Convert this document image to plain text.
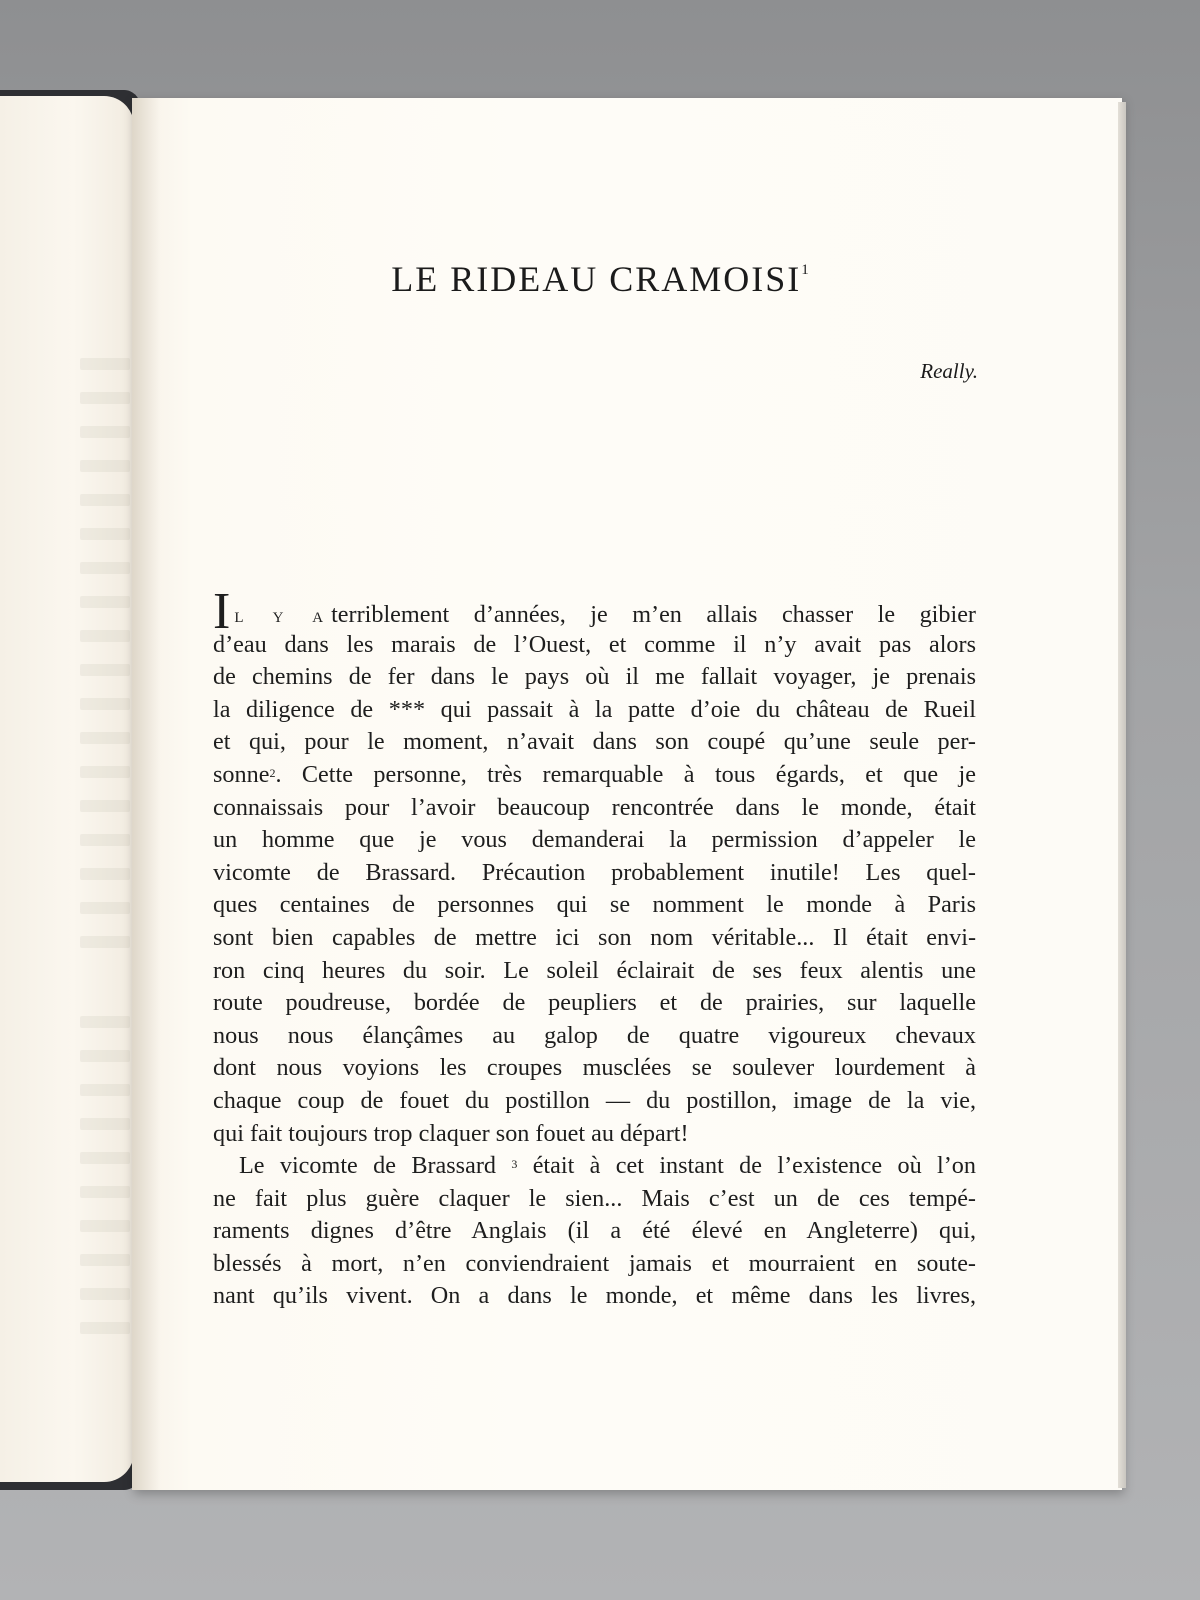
LE RIDEAU CRAMOISI$^1$
Really.
I L Y A terriblement d’années, je m’en allais chasser le gibier
d’eau dans les marais de l’Ouest, et comme il n’y avait pas alors
de chemins de fer dans le pays où il me fallait voyager, je prenais
la diligence de *** qui passait à la patte d’oie du château de Rueil
et qui, pour le moment, n’avait dans son coupé qu’une seule per-
sonne$^2$. Cette personne, très remarquable à tous égards, et que je
connaissais pour l’avoir beaucoup rencontrée dans le monde, était
un homme que je vous demanderai la permission d’appeler le
vicomte de Brassard. Précaution probablement inutile! Les quel-
ques centaines de personnes qui se nomment le monde à Paris
sont bien capables de mettre ici son nom véritable... Il était envi-
ron cinq heures du soir. Le soleil éclairait de ses feux alentis une
route poudreuse, bordée de peupliers et de prairies, sur laquelle
nous nous élançâmes au galop de quatre vigoureux chevaux
dont nous voyions les croupes musclées se soulever lourdement à
chaque coup de fouet du postillon — du postillon, image de la vie,
qui fait toujours trop claquer son fouet au départ!
Le vicomte de Brassard $^3$ était à cet instant de l’existence où l’on
ne fait plus guère claquer le sien... Mais c’est un de ces tempé-
raments dignes d’être Anglais (il a été élevé en Angleterre) qui,
blessés à mort, n’en conviendraient jamais et mourraient en soute-
nant qu’ils vivent. On a dans le monde, et même dans les livres,
